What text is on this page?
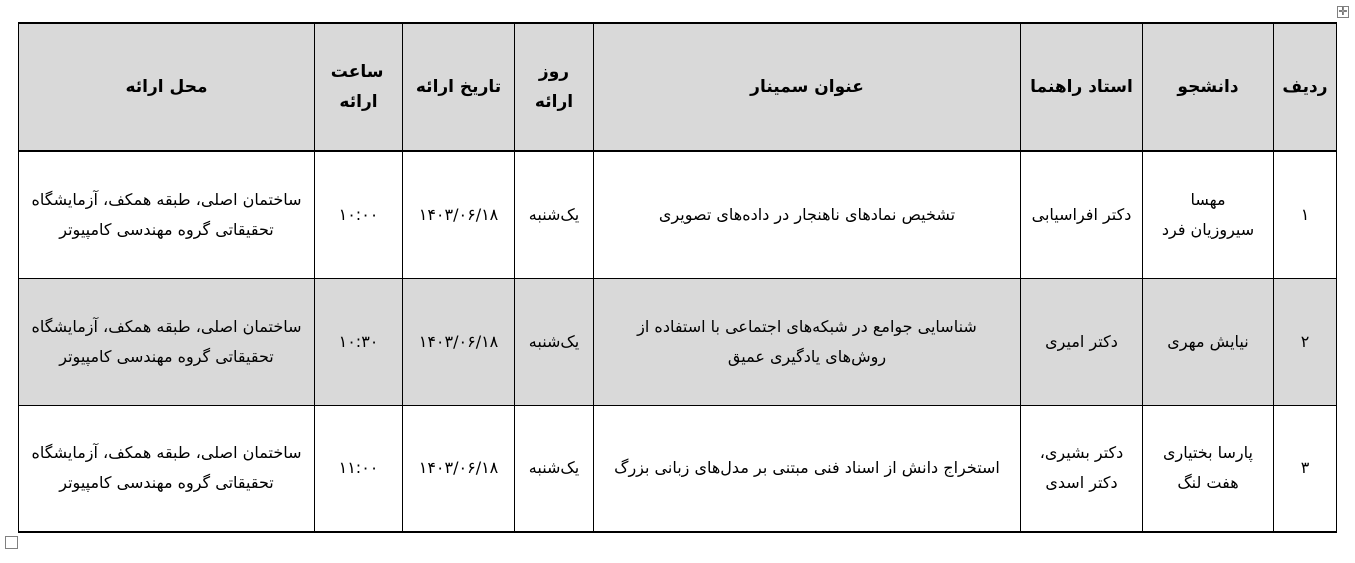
✛
ردیف	دانشجو	استاد راهنما	عنوان سمینار	روز ارائه	تاریخ ارائه	ساعت ارائه	محل ارائه
۱	مهسا سیروزیان فرد	دکتر افراسیابی	تشخیص نمادهای ناهنجار در داده‌های تصویری	یک‌شنبه	۱۴۰۳/۰۶/۱۸	۱۰:۰۰	ساختمان اصلی، طبقه همکف، آزمایشگاه تحقیقاتی گروه مهندسی کامپیوتر
۲	نیایش مهری	دکتر امیری	شناسایی جوامع در شبکه‌های اجتماعی با استفاده از روش‌های یادگیری عمیق	یک‌شنبه	۱۴۰۳/۰۶/۱۸	۱۰:۳۰	ساختمان اصلی، طبقه همکف، آزمایشگاه تحقیقاتی گروه مهندسی کامپیوتر
۳	پارسا بختیاری هفت لنگ	دکتر بشیری، دکتر اسدی	استخراج دانش از اسناد فنی مبتنی بر مدل‌های زبانی بزرگ	یک‌شنبه	۱۴۰۳/۰۶/۱۸	۱۱:۰۰	ساختمان اصلی، طبقه همکف، آزمایشگاه تحقیقاتی گروه مهندسی کامپیوتر
